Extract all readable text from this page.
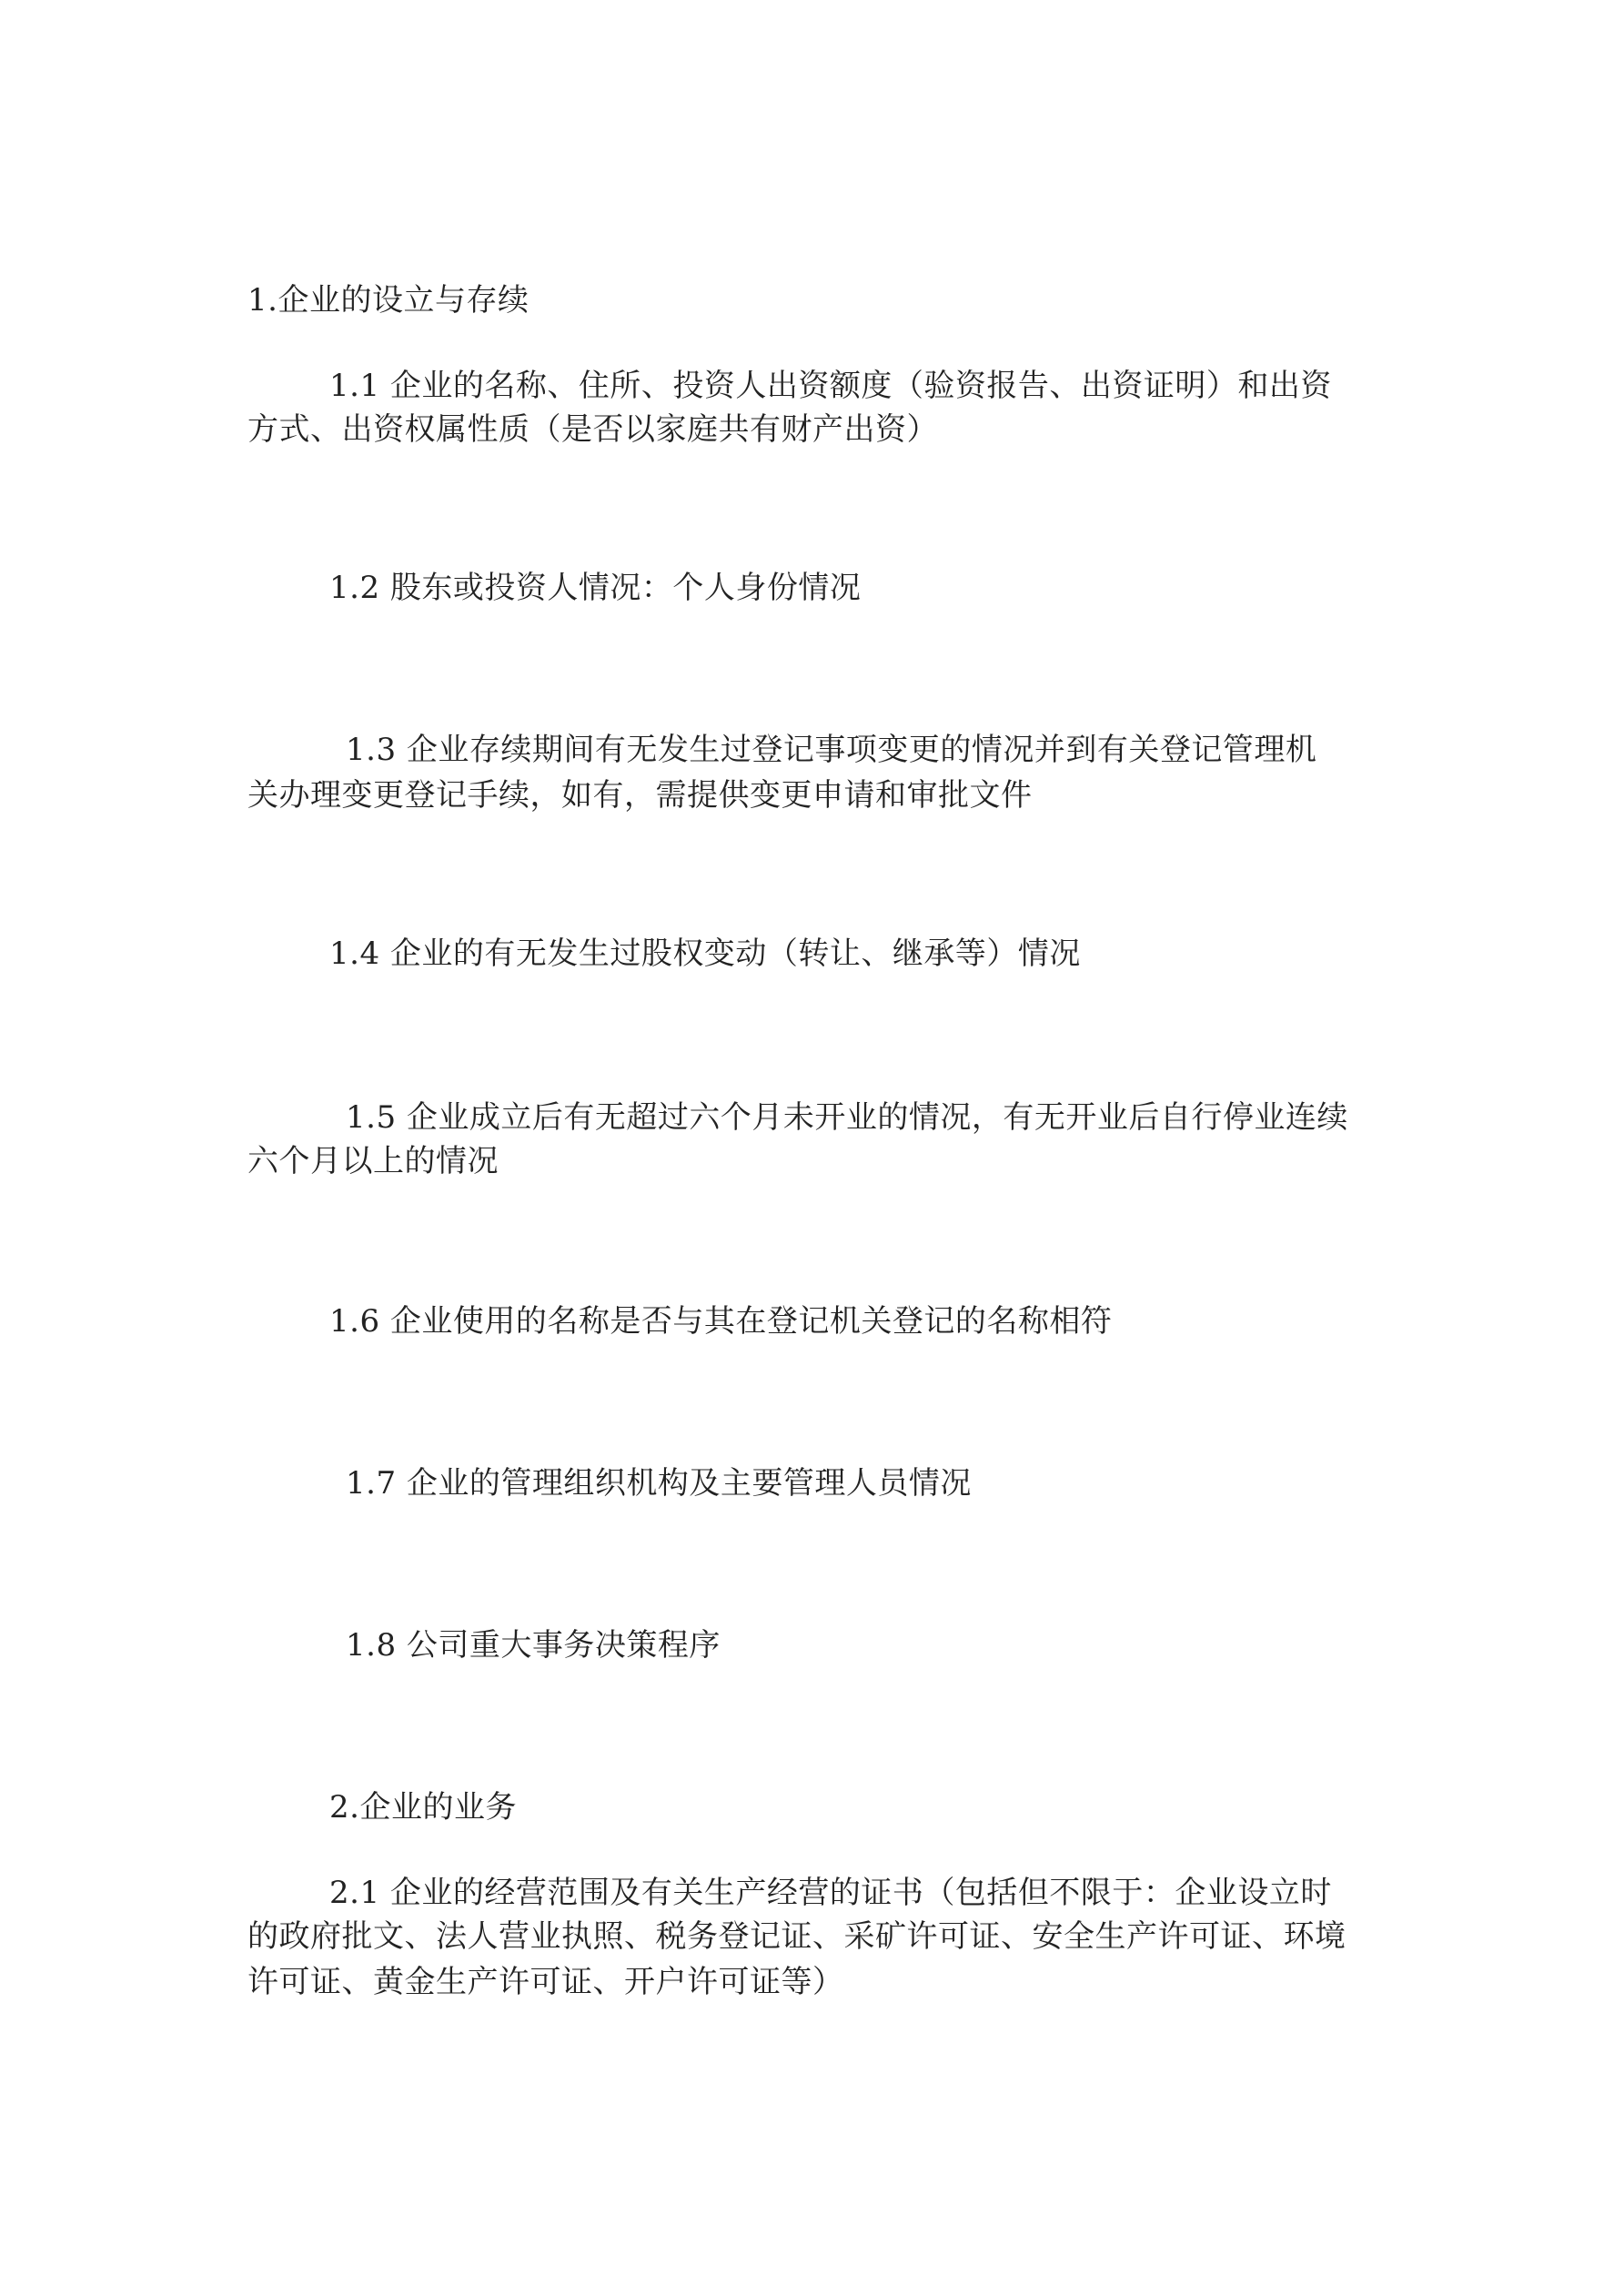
1.企业的设立与存续
1.1 企业的名称、住所、投资人出资额度（验资报告、出资证明）和出资
方式、出资权属性质（是否以家庭共有财产出资）
1.2 股东或投资人情况：个人身份情况
1.3 企业存续期间有无发生过登记事项变更的情况并到有关登记管理机
关办理变更登记手续，如有，需提供变更申请和审批文件
1.4 企业的有无发生过股权变动（转让、继承等）情况
1.5 企业成立后有无超过六个月未开业的情况，有无开业后自行停业连续
六个月以上的情况
1.6 企业使用的名称是否与其在登记机关登记的名称相符
1.7 企业的管理组织机构及主要管理人员情况
1.8 公司重大事务决策程序
2.企业的业务
2.1 企业的经营范围及有关生产经营的证书（包括但不限于：企业设立时
的政府批文、法人营业执照、税务登记证、采矿许可证、安全生产许可证、环境
许可证、黄金生产许可证、开户许可证等）
